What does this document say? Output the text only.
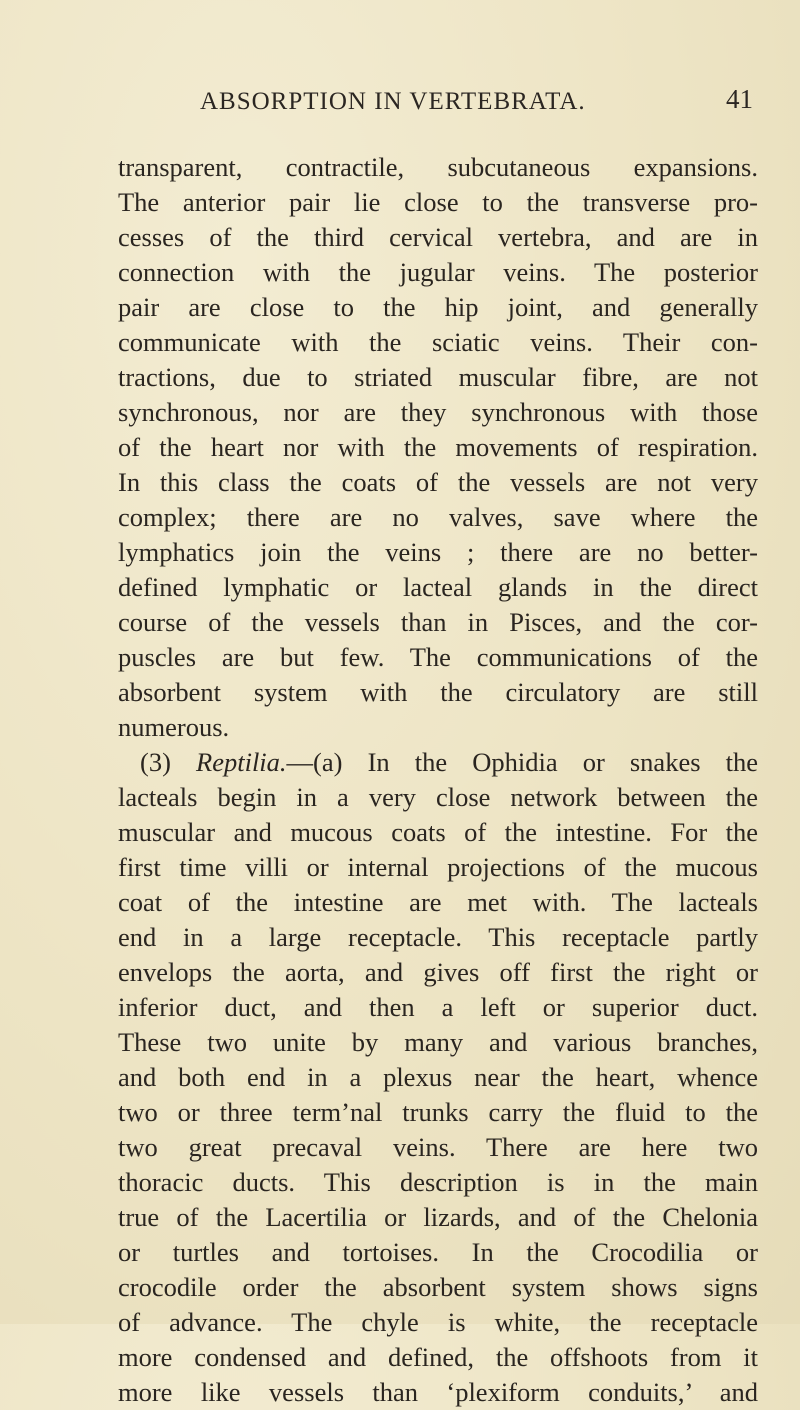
ABSORPTION IN VERTEBRATA.	41
transparent, contractile, subcutaneous expansions.
The anterior pair lie close to the transverse pro-
cesses of the third cervical vertebra, and are in
connection with the jugular veins. The posterior
pair are close to the hip joint, and generally
communicate with the sciatic veins. Their con-
tractions, due to striated muscular fibre, are not
synchronous, nor are they synchronous with those
of the heart nor with the movements of respiration.
In this class the coats of the vessels are not very
complex; there are no valves, save where the
lymphatics join the veins ; there are no better-
defined lymphatic or lacteal glands in the direct
course of the vessels than in Pisces, and the cor-
puscles are but few. The communications of the
absorbent system with the circulatory are still
numerous.
(3) Reptilia.—(a) In the Ophidia or snakes the
lacteals begin in a very close network between the
muscular and mucous coats of the intestine. For the
first time villi or internal projections of the mucous
coat of the intestine are met with. The lacteals
end in a large receptacle. This receptacle partly
envelops the aorta, and gives off first the right or
inferior duct, and then a left or superior duct.
These two unite by many and various branches,
and both end in a plexus near the heart, whence
two or three termʼnal trunks carry the fluid to the
two great precaval veins. There are here two
thoracic ducts. This description is in the main
true of the Lacertilia or lizards, and of the Chelonia
or turtles and tortoises. In the Crocodilia or
crocodile order the absorbent system shows signs
of advance. The chyle is white, the receptacle
more condensed and defined, the offshoots from it
more like vessels than ‘plexiform conduits,’ and
